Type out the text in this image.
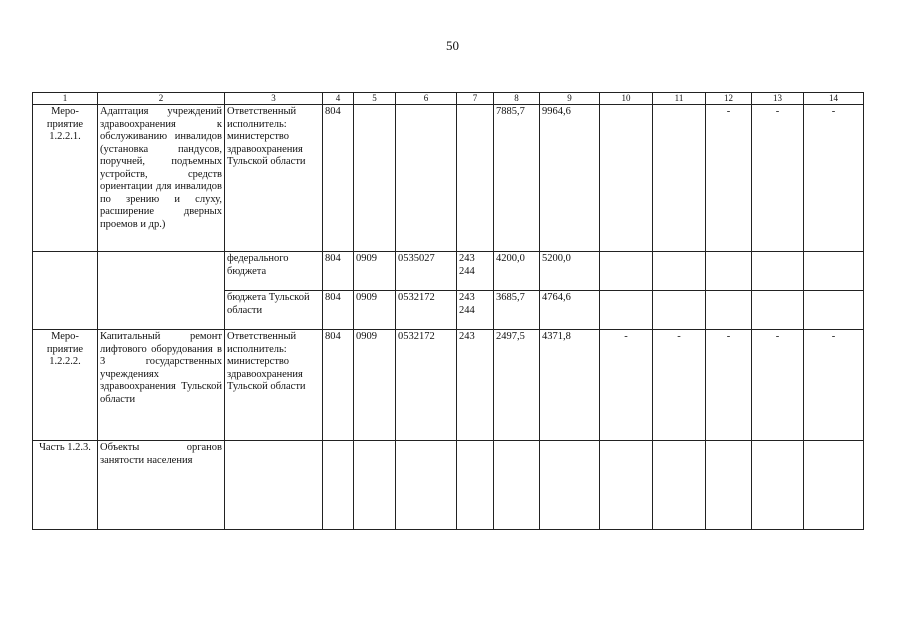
50
1	2	3	4	5	6	7	8	9	10	11	12	13	14
Меро-приятие 1.2.2.1.	Адаптация учреждений здравоохранения к обслуживанию инвалидов (установка пандусов, поручней, подъемных устройств, средств ориентации для инвалидов по зрению и слуху, расширение дверных проемов и др.)	Ответственный исполнитель: министерство здравоохранения Тульской области	804				7885,7	9964,6			-	-	-
		федерального бюджета	804	0909	0535027	243 244	4200,0	5200,0					
		бюджета Тульской области	804	0909	0532172	243 244	3685,7	4764,6					
Меро-приятие 1.2.2.2.	Капитальный ремонт лифтового оборудования в 3 государственных учреждениях здравоохранения Тульской области	Ответственный исполнитель: министерство здравоохранения Тульской области	804	0909	0532172	243	2497,5	4371,8	-	-	-	-	-
Часть 1.2.3.	Объекты органов занятости населения												
